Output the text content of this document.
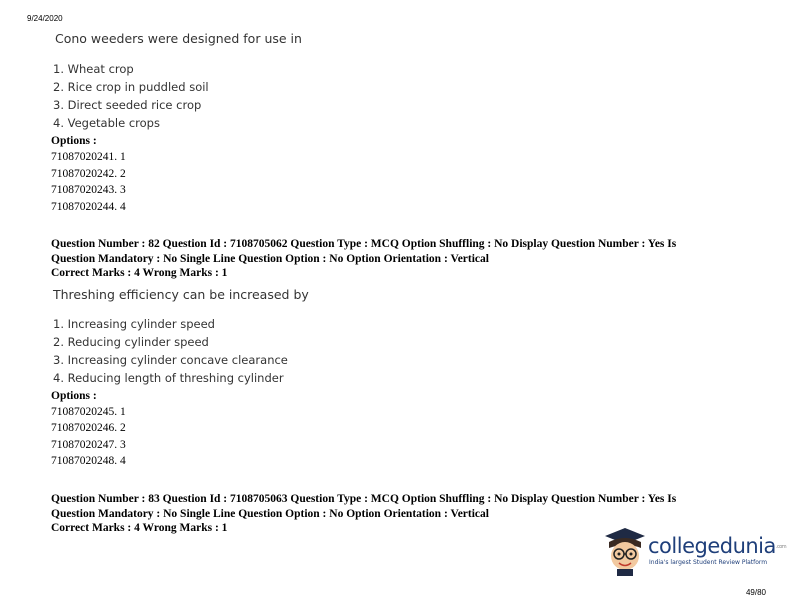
9/24/2020
Cono weeders were designed for use in
1. Wheat crop
2. Rice crop in puddled soil
3. Direct seeded rice crop
4. Vegetable crops
Options :
71087020241. 1
71087020242. 2
71087020243. 3
71087020244. 4
Question Number : 82 Question Id : 7108705062 Question Type : MCQ Option Shuffling : No Display Question Number : Yes Is
Question Mandatory : No Single Line Question Option : No Option Orientation : Vertical
Correct Marks : 4 Wrong Marks : 1
Threshing efficiency can be increased by
1. Increasing cylinder speed
2. Reducing cylinder speed
3. Increasing cylinder concave clearance
4. Reducing length of threshing cylinder
Options :
71087020245. 1
71087020246. 2
71087020247. 3
71087020248. 4
Question Number : 83 Question Id : 7108705063 Question Type : MCQ Option Shuffling : No Display Question Number : Yes Is
Question Mandatory : No Single Line Question Option : No Option Orientation : Vertical
Correct Marks : 4 Wrong Marks : 1
collegedunia.com
India's largest Student Review Platform
49/80
